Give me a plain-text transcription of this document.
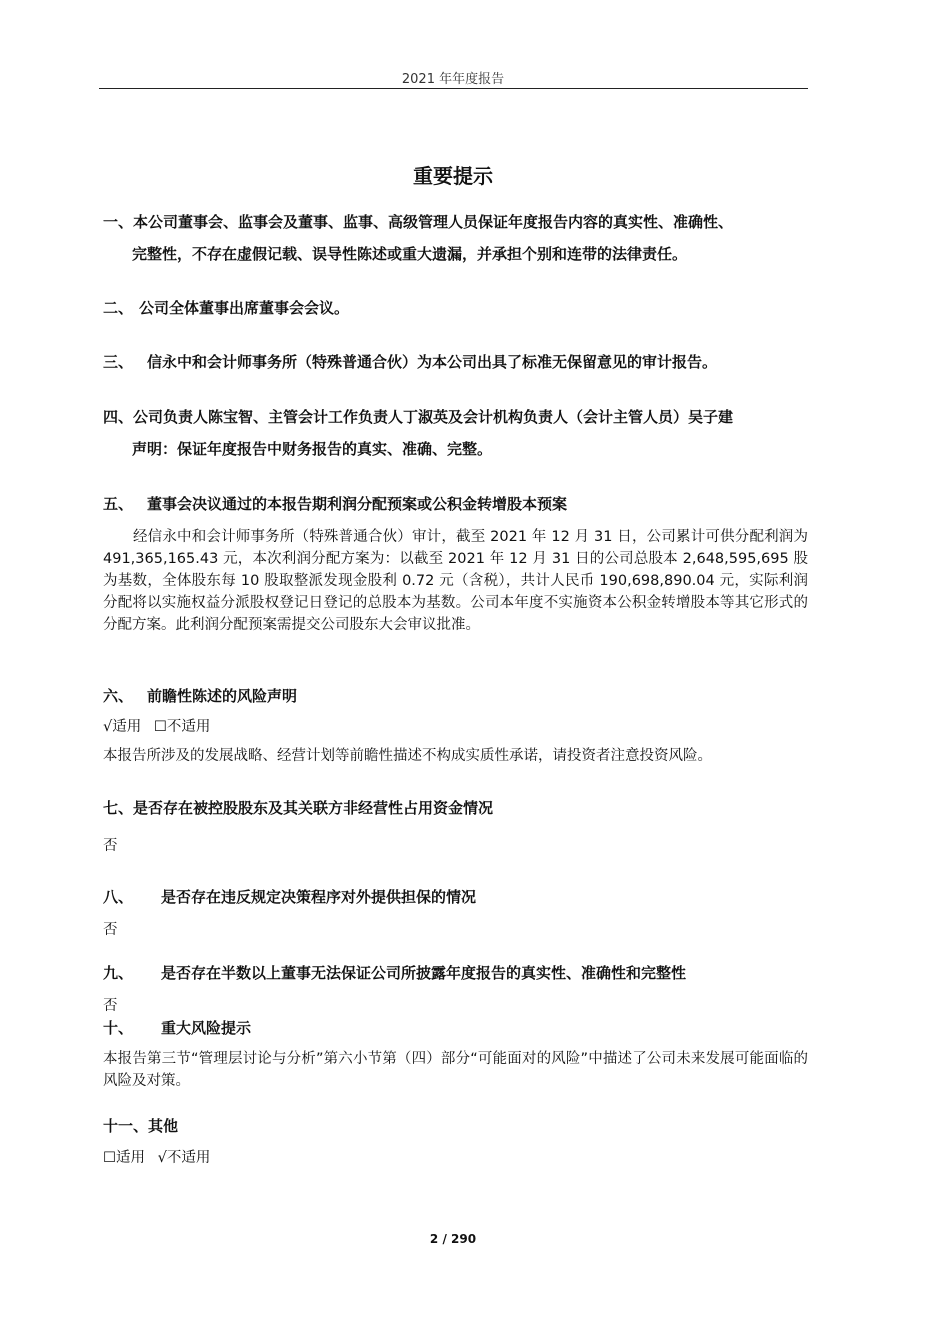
2021 年年度报告
重要提示
一、本公司董事会、监事会及董事、监事、高级管理人员保证年度报告内容的真实性、准确性、
完整性，不存在虚假记载、误导性陈述或重大遗漏，并承担个别和连带的法律责任。
二、 公司全体董事出席董事会会议。
三、 信永中和会计师事务所（特殊普通合伙）为本公司出具了标准无保留意见的审计报告。
四、公司负责人陈宝智、主管会计工作负责人丁淑英及会计机构负责人（会计主管人员）吴子建
声明：保证年度报告中财务报告的真实、准确、完整。
五、 董事会决议通过的本报告期利润分配预案或公积金转增股本预案
经信永中和会计师事务所（特殊普通合伙）审计，截至 2021 年 12 月 31 日，公司累计可供分配利润为 491,365,165.43 元，本次利润分配方案为：以截至 2021 年 12 月 31 日的公司总股本 2,648,595,695 股为基数，全体股东每 10 股取整派发现金股利 0.72 元（含税），共计人民币 190,698,890.04 元，实际利润分配将以实施权益分派股权登记日登记的总股本为基数。公司本年度不实施资本公积金转增股本等其它形式的分配方案。此利润分配预案需提交公司股东大会审议批准。
六、 前瞻性陈述的风险声明
√适用 ☐不适用
本报告所涉及的发展战略、经营计划等前瞻性描述不构成实质性承诺，请投资者注意投资风险。
七、是否存在被控股股东及其关联方非经营性占用资金情况
否
八、 是否存在违反规定决策程序对外提供担保的情况
否
九、 是否存在半数以上董事无法保证公司所披露年度报告的真实性、准确性和完整性
否
十、 重大风险提示
本报告第三节“管理层讨论与分析”第六小节第（四）部分“可能面对的风险”中描述了公司未来发展可能面临的风险及对策。
十一、其他
☐适用 √不适用
2 / 290
